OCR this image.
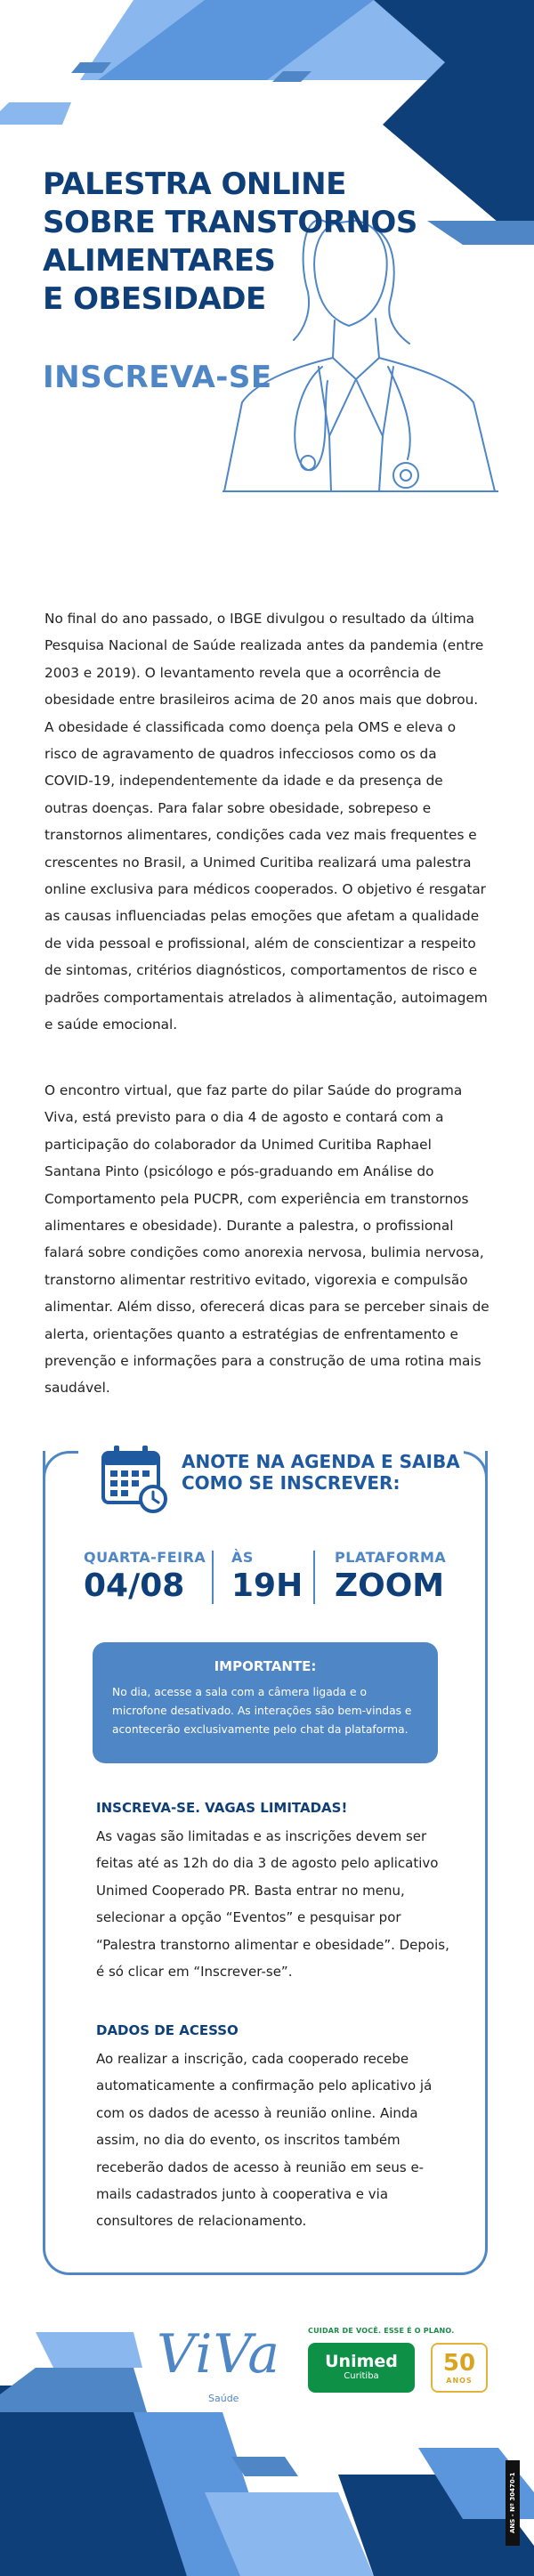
PALESTRA ONLINE
SOBRE TRANSTORNOS
ALIMENTARES
E OBESIDADE
INSCREVA-SE

No final do ano passado, o IBGE divulgou o resultado da última Pesquisa Nacional de Saúde realizada antes da pandemia (entre 2003 e 2019). O levantamento revela que a ocorrência de obesidade entre brasileiros acima de 20 anos mais que dobrou. A obesidade é classificada como doença pela OMS e eleva o risco de agravamento de quadros infecciosos como os da COVID-19, independentemente da idade e da presença de outras doenças. Para falar sobre obesidade, sobrepeso e transtornos alimentares, condições cada vez mais frequentes e crescentes no Brasil, a Unimed Curitiba realizará uma palestra online exclusiva para médicos cooperados. O objetivo é resgatar as causas influenciadas pelas emoções que afetam a qualidade de vida pessoal e profissional, além de conscientizar a respeito de sintomas, critérios diagnósticos, comportamentos de risco e padrões comportamentais atrelados à alimentação, autoimagem e saúde emocional.

O encontro virtual, que faz parte do pilar Saúde do programa Viva, está previsto para o dia 4 de agosto e contará com a participação do colaborador da Unimed Curitiba Raphael Santana Pinto (psicólogo e pós-graduando em Análise do Comportamento pela PUCPR, com experiência em transtornos alimentares e obesidade). Durante a palestra, o profissional falará sobre condições como anorexia nervosa, bulimia nervosa, transtorno alimentar restritivo evitado, vigorexia e compulsão alimentar. Além disso, oferecerá dicas para se perceber sinais de alerta, orientações quanto a estratégias de enfrentamento e prevenção e informações para a construção de uma rotina mais saudável.

ANOTE NA AGENDA E SAIBA
COMO SE INSCREVER:
QUARTA-FEIRA
04/08
ÀS
19H
PLATAFORMA
ZOOM
IMPORTANTE:
No dia, acesse a sala com a câmera ligada e o microfone desativado. As interações são bem-vindas e acontecerão exclusivamente pelo chat da plataforma.
INSCREVA-SE. VAGAS LIMITADAS!

As vagas são limitadas e as inscrições devem ser feitas até as 12h do dia 3 de agosto pelo aplicativo Unimed Cooperado PR. Basta entrar no menu, selecionar a opção “Eventos” e pesquisar por “Palestra transtorno alimentar e obesidade”. Depois, é só clicar em “Inscrever-se”.

DADOS DE ACESSO

Ao realizar a inscrição, cada cooperado recebe automaticamente a confirmação pelo aplicativo já com os dados de acesso à reunião online. Ainda assim, no dia do evento, os inscritos também receberão dados de acesso à reunião em seus e-mails cadastrados junto à cooperativa e via consultores de relacionamento.

ViVa
Saúde
CUIDAR DE VOCÊ. ESSE É O PLANO.
Unimed
Curitiba	50
ANOS
ANS - Nº 30470-1
